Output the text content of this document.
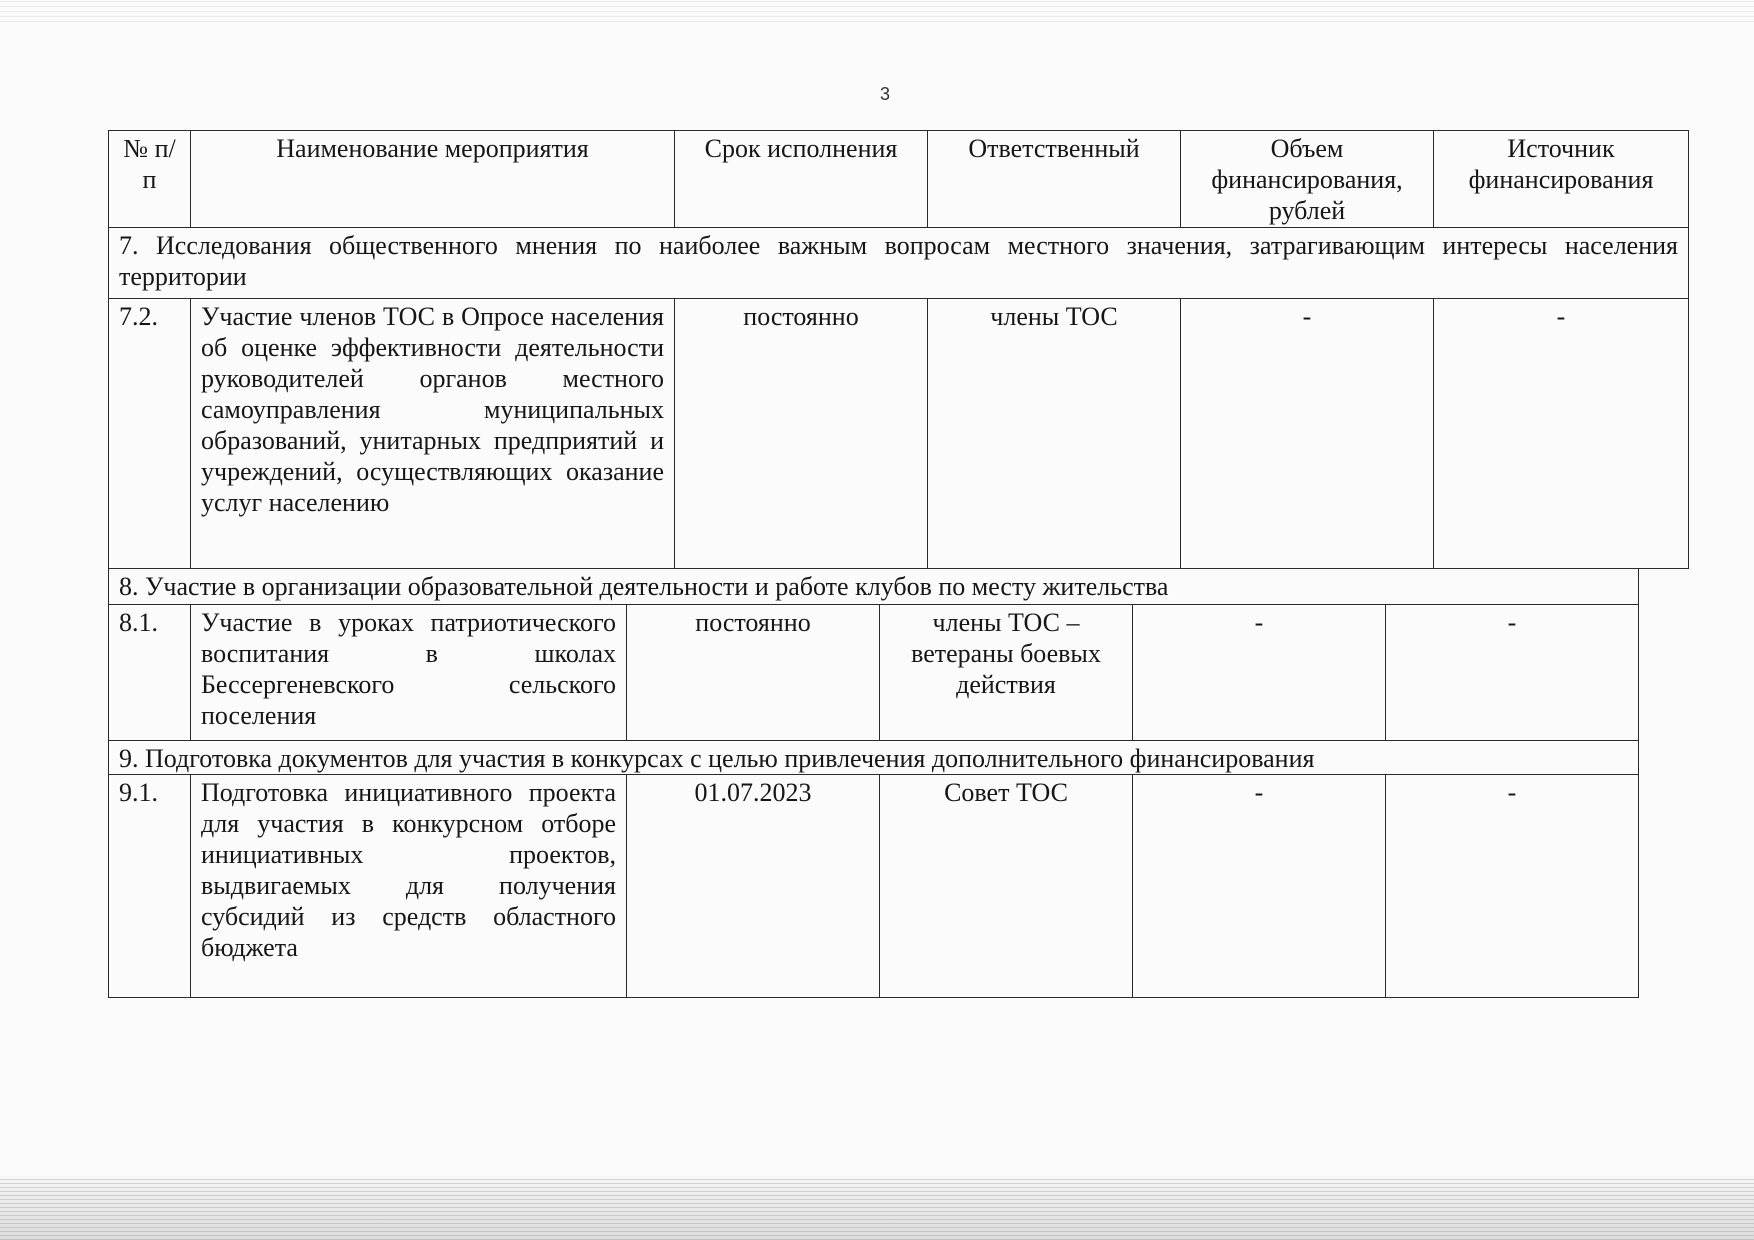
3
№ п/п	Наименование мероприятия	Срок исполнения	Ответственный	Объем финансирования, рублей	Источник финансирования
7. Исследования общественного мнения по наиболее важным вопросам местного значения, затрагивающим интересы населения территории					
7.2.	Участие членов ТОС в Опросе населения об оценке эффективности деятельности руководителей органов местного самоуправления муниципальных образований, унитарных предприятий и учреждений, осуществляющих оказание услуг населению	постоянно	члены ТОС	-	-
8. Участие в организации образовательной деятельности и работе клубов по месту жительства					
8.1.	Участие в уроках патриотического воспитания в школах Бессергеневского сельского поселения	постоянно	члены ТОС – ветераны боевых действия	-	-
9. Подготовка документов для участия в конкурсах с целью привлечения дополнительного финансирования					
9.1.	Подготовка инициативного проекта для участия в конкурсном отборе инициативных проектов, выдвигаемых для получения субсидий из средств областного бюджета	01.07.2023	Совет ТОС	-	-
